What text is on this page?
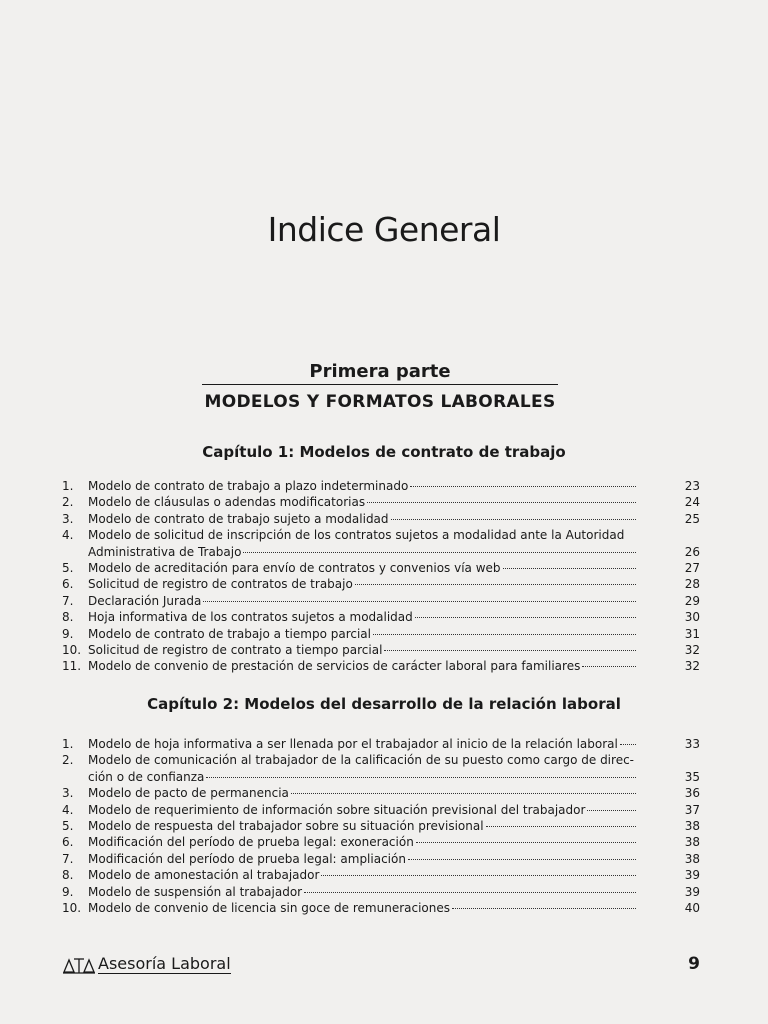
Indice General
Primera parte
MODELOS Y FORMATOS LABORALES
Capítulo 1: Modelos de contrato de trabajo
1.	Modelo de contrato de trabajo a plazo indeterminado	23
2.	Modelo de cláusulas o adendas modificatorias	24
3.	Modelo de contrato de trabajo sujeto a modalidad	25
4.	Modelo de solicitud de inscripción de los contratos sujetos a modalidad ante la Autoridad
Administrativa de Trabajo	26
5.	Modelo de acreditación para envío de contratos y convenios vía web	27
6.	Solicitud de registro de contratos de trabajo	28
7.	Declaración Jurada	29
8.	Hoja informativa de los contratos sujetos a modalidad	30
9.	Modelo de contrato de trabajo a tiempo parcial	31
10. Solicitud de registro de contrato a tiempo parcial	32
11. Modelo de convenio de prestación de servicios de carácter laboral para familiares	32
Capítulo 2: Modelos del desarrollo de la relación laboral
1.	Modelo de hoja informativa a ser llenada por el trabajador al inicio de la relación laboral	33
2.	Modelo de comunicación al trabajador de la calificación de su puesto como cargo de direc-
ción o de confianza	35
3.	Modelo de pacto de permanencia	36
4.	Modelo de requerimiento de información sobre situación previsional del trabajador	37
5.	Modelo de respuesta del trabajador sobre su situación previsional	38
6.	Modificación del período de prueba legal: exoneración	38
7.	Modificación del período de prueba legal: ampliación	38
8.	Modelo de amonestación al trabajador	39
9.	Modelo de suspensión al trabajador	39
10. Modelo de convenio de licencia sin goce de remuneraciones	40
Asesoría Laboral	9
